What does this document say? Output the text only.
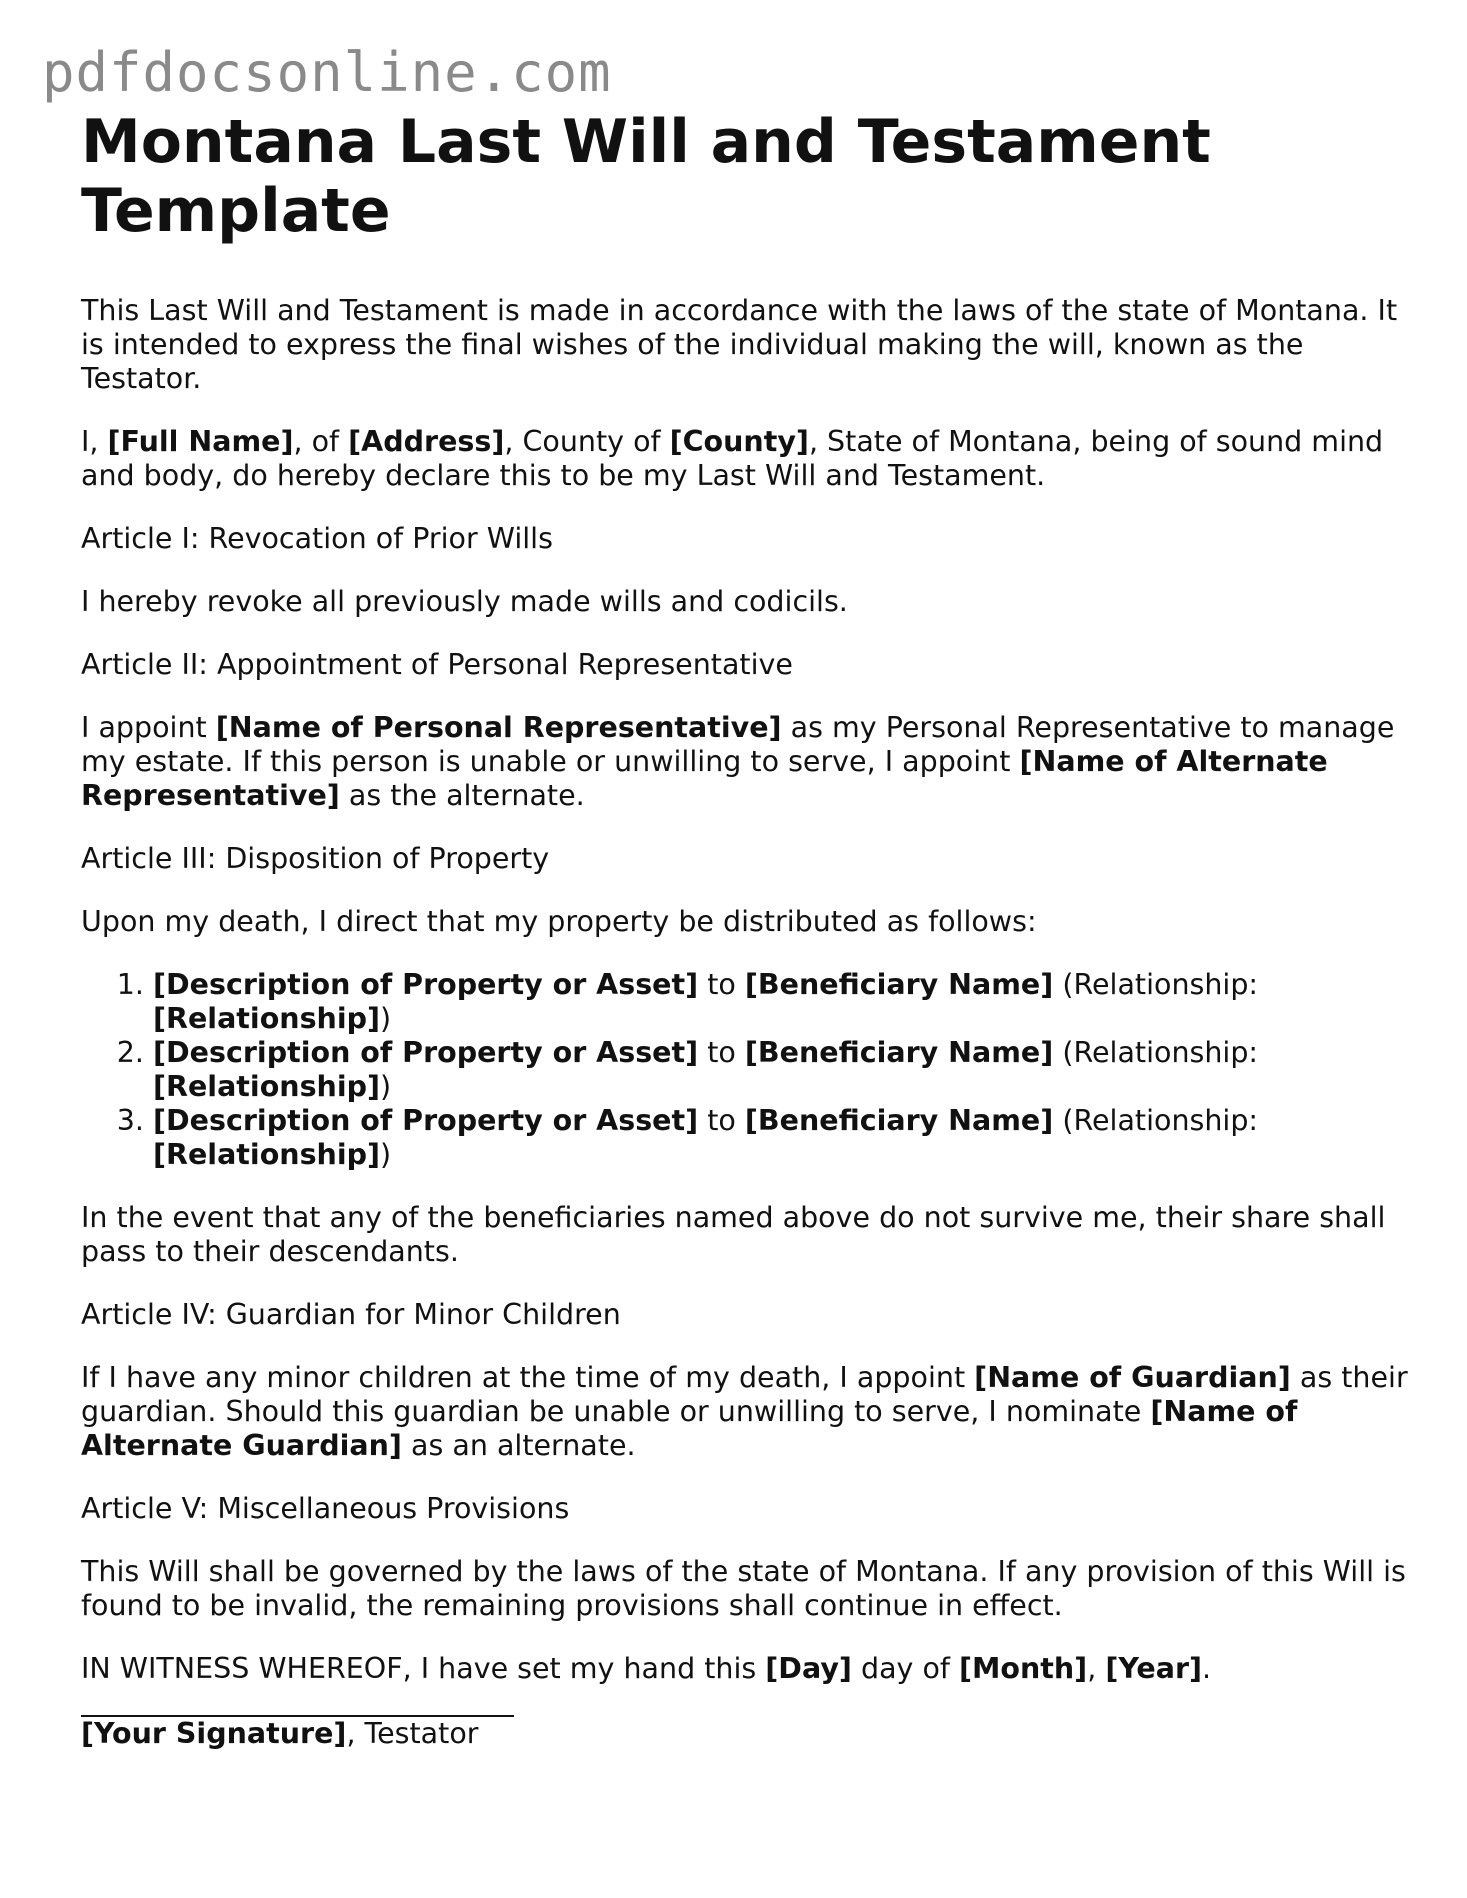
pdfdocsonline.com
Montana Last Will and Testament Template

This Last Will and Testament is made in accordance with the laws of the state of Montana. It is intended to express the final wishes of the individual making the will, known as the Testator.

I, [Full Name], of [Address], County of [County], State of Montana, being of sound mind and body, do hereby declare this to be my Last Will and Testament.

Article I: Revocation of Prior Wills

I hereby revoke all previously made wills and codicils.

Article II: Appointment of Personal Representative

I appoint [Name of Personal Representative] as my Personal Representative to manage my estate. If this person is unable or unwilling to serve, I appoint [Name of Alternate Representative] as the alternate.

Article III: Disposition of Property

Upon my death, I direct that my property be distributed as follows:

1. [Description of Property or Asset] to [Beneficiary Name] (Relationship: [Relationship])
2. [Description of Property or Asset] to [Beneficiary Name] (Relationship: [Relationship])
3. [Description of Property or Asset] to [Beneficiary Name] (Relationship: [Relationship])

In the event that any of the beneficiaries named above do not survive me, their share shall pass to their descendants.

Article IV: Guardian for Minor Children

If I have any minor children at the time of my death, I appoint [Name of Guardian] as their guardian. Should this guardian be unable or unwilling to serve, I nominate [Name of Alternate Guardian] as an alternate.

Article V: Miscellaneous Provisions

This Will shall be governed by the laws of the state of Montana. If any provision of this Will is found to be invalid, the remaining provisions shall continue in effect.

IN WITNESS WHEREOF, I have set my hand this [Day] day of [Month], [Year].

[Your Signature], Testator
